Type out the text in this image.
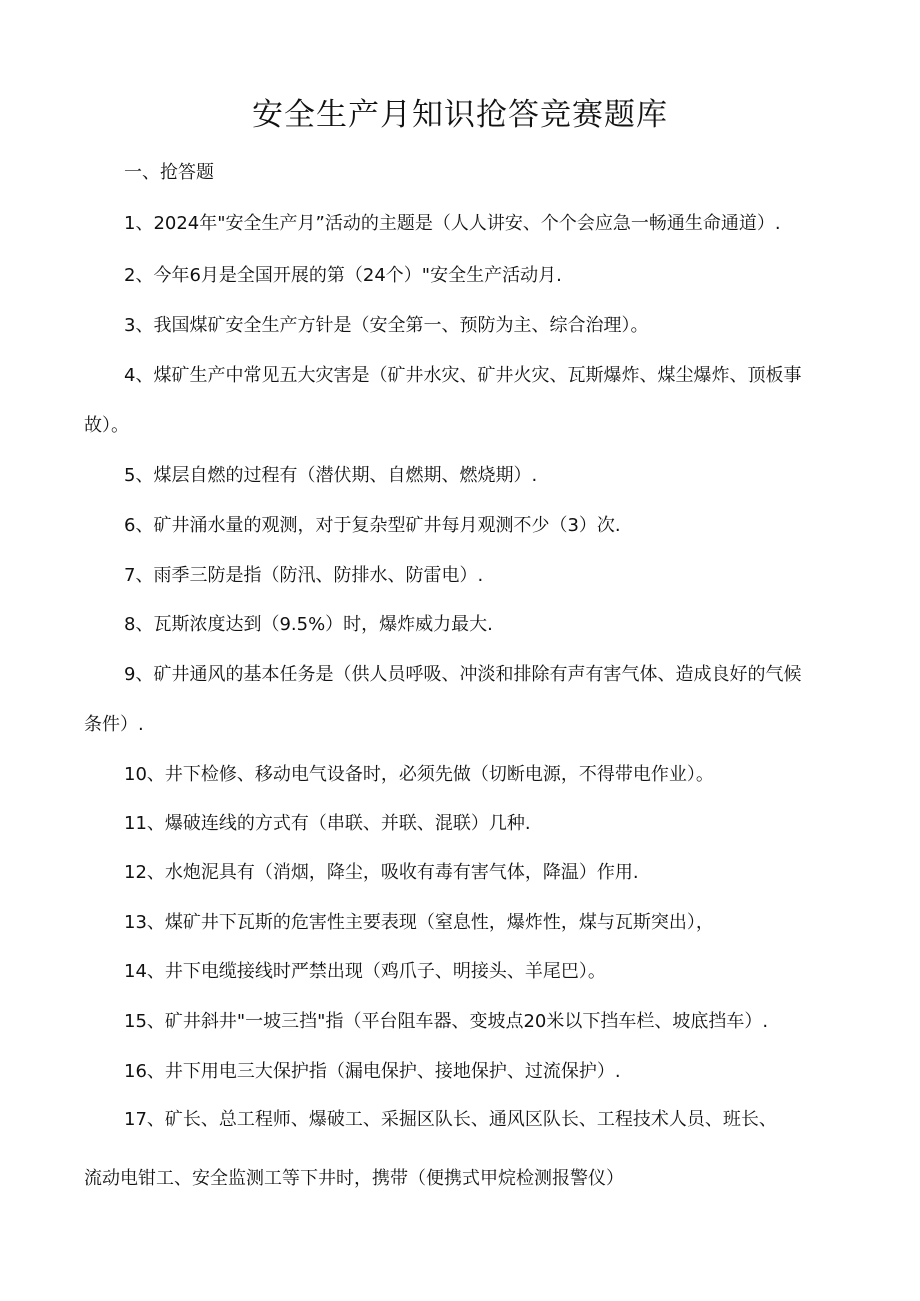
安全生产月知识抢答竞赛题库
一、抢答题
1、2024年"安全生产月”活动的主题是（人人讲安、个个会应急一畅通生命通道）.
2、今年6月是全国开展的第（24个）"安全生产活动月.
3、我国煤矿安全生产方针是（安全第一、预防为主、综合治理）。
4、煤矿生产中常见五大灾害是（矿井水灾、矿井火灾、瓦斯爆炸、煤尘爆炸、顶板事
故）。
5、煤层自燃的过程有（潜伏期、自燃期、燃烧期）.
6、矿井涌水量的观测，对于复杂型矿井每月观测不少（3）次.
7、雨季三防是指（防汛、防排水、防雷电）.
8、瓦斯浓度达到（9.5%）时，爆炸威力最大.
9、矿井通风的基本任务是（供人员呼吸、冲淡和排除有声有害气体、造成良好的气候
条件）.
10、井下检修、移动电气设备时，必须先做（切断电源，不得带电作业）。
11、爆破连线的方式有（串联、并联、混联）几种.
12、水炮泥具有（消烟，降尘，吸收有毒有害气体，降温）作用.
13、煤矿井下瓦斯的危害性主要表现（窒息性，爆炸性，煤与瓦斯突出），
14、井下电缆接线时严禁出现（鸡爪子、明接头、羊尾巴）。
15、矿井斜井"一坡三挡"指（平台阻车器、变坡点20米以下挡车栏、坡底挡车）.
16、井下用电三大保护指（漏电保护、接地保护、过流保护）.
17、矿长、总工程师、爆破工、采掘区队长、通风区队长、工程技术人员、班长、
流动电钳工、安全监测工等下井时，携带（便携式甲烷检测报警仪）
